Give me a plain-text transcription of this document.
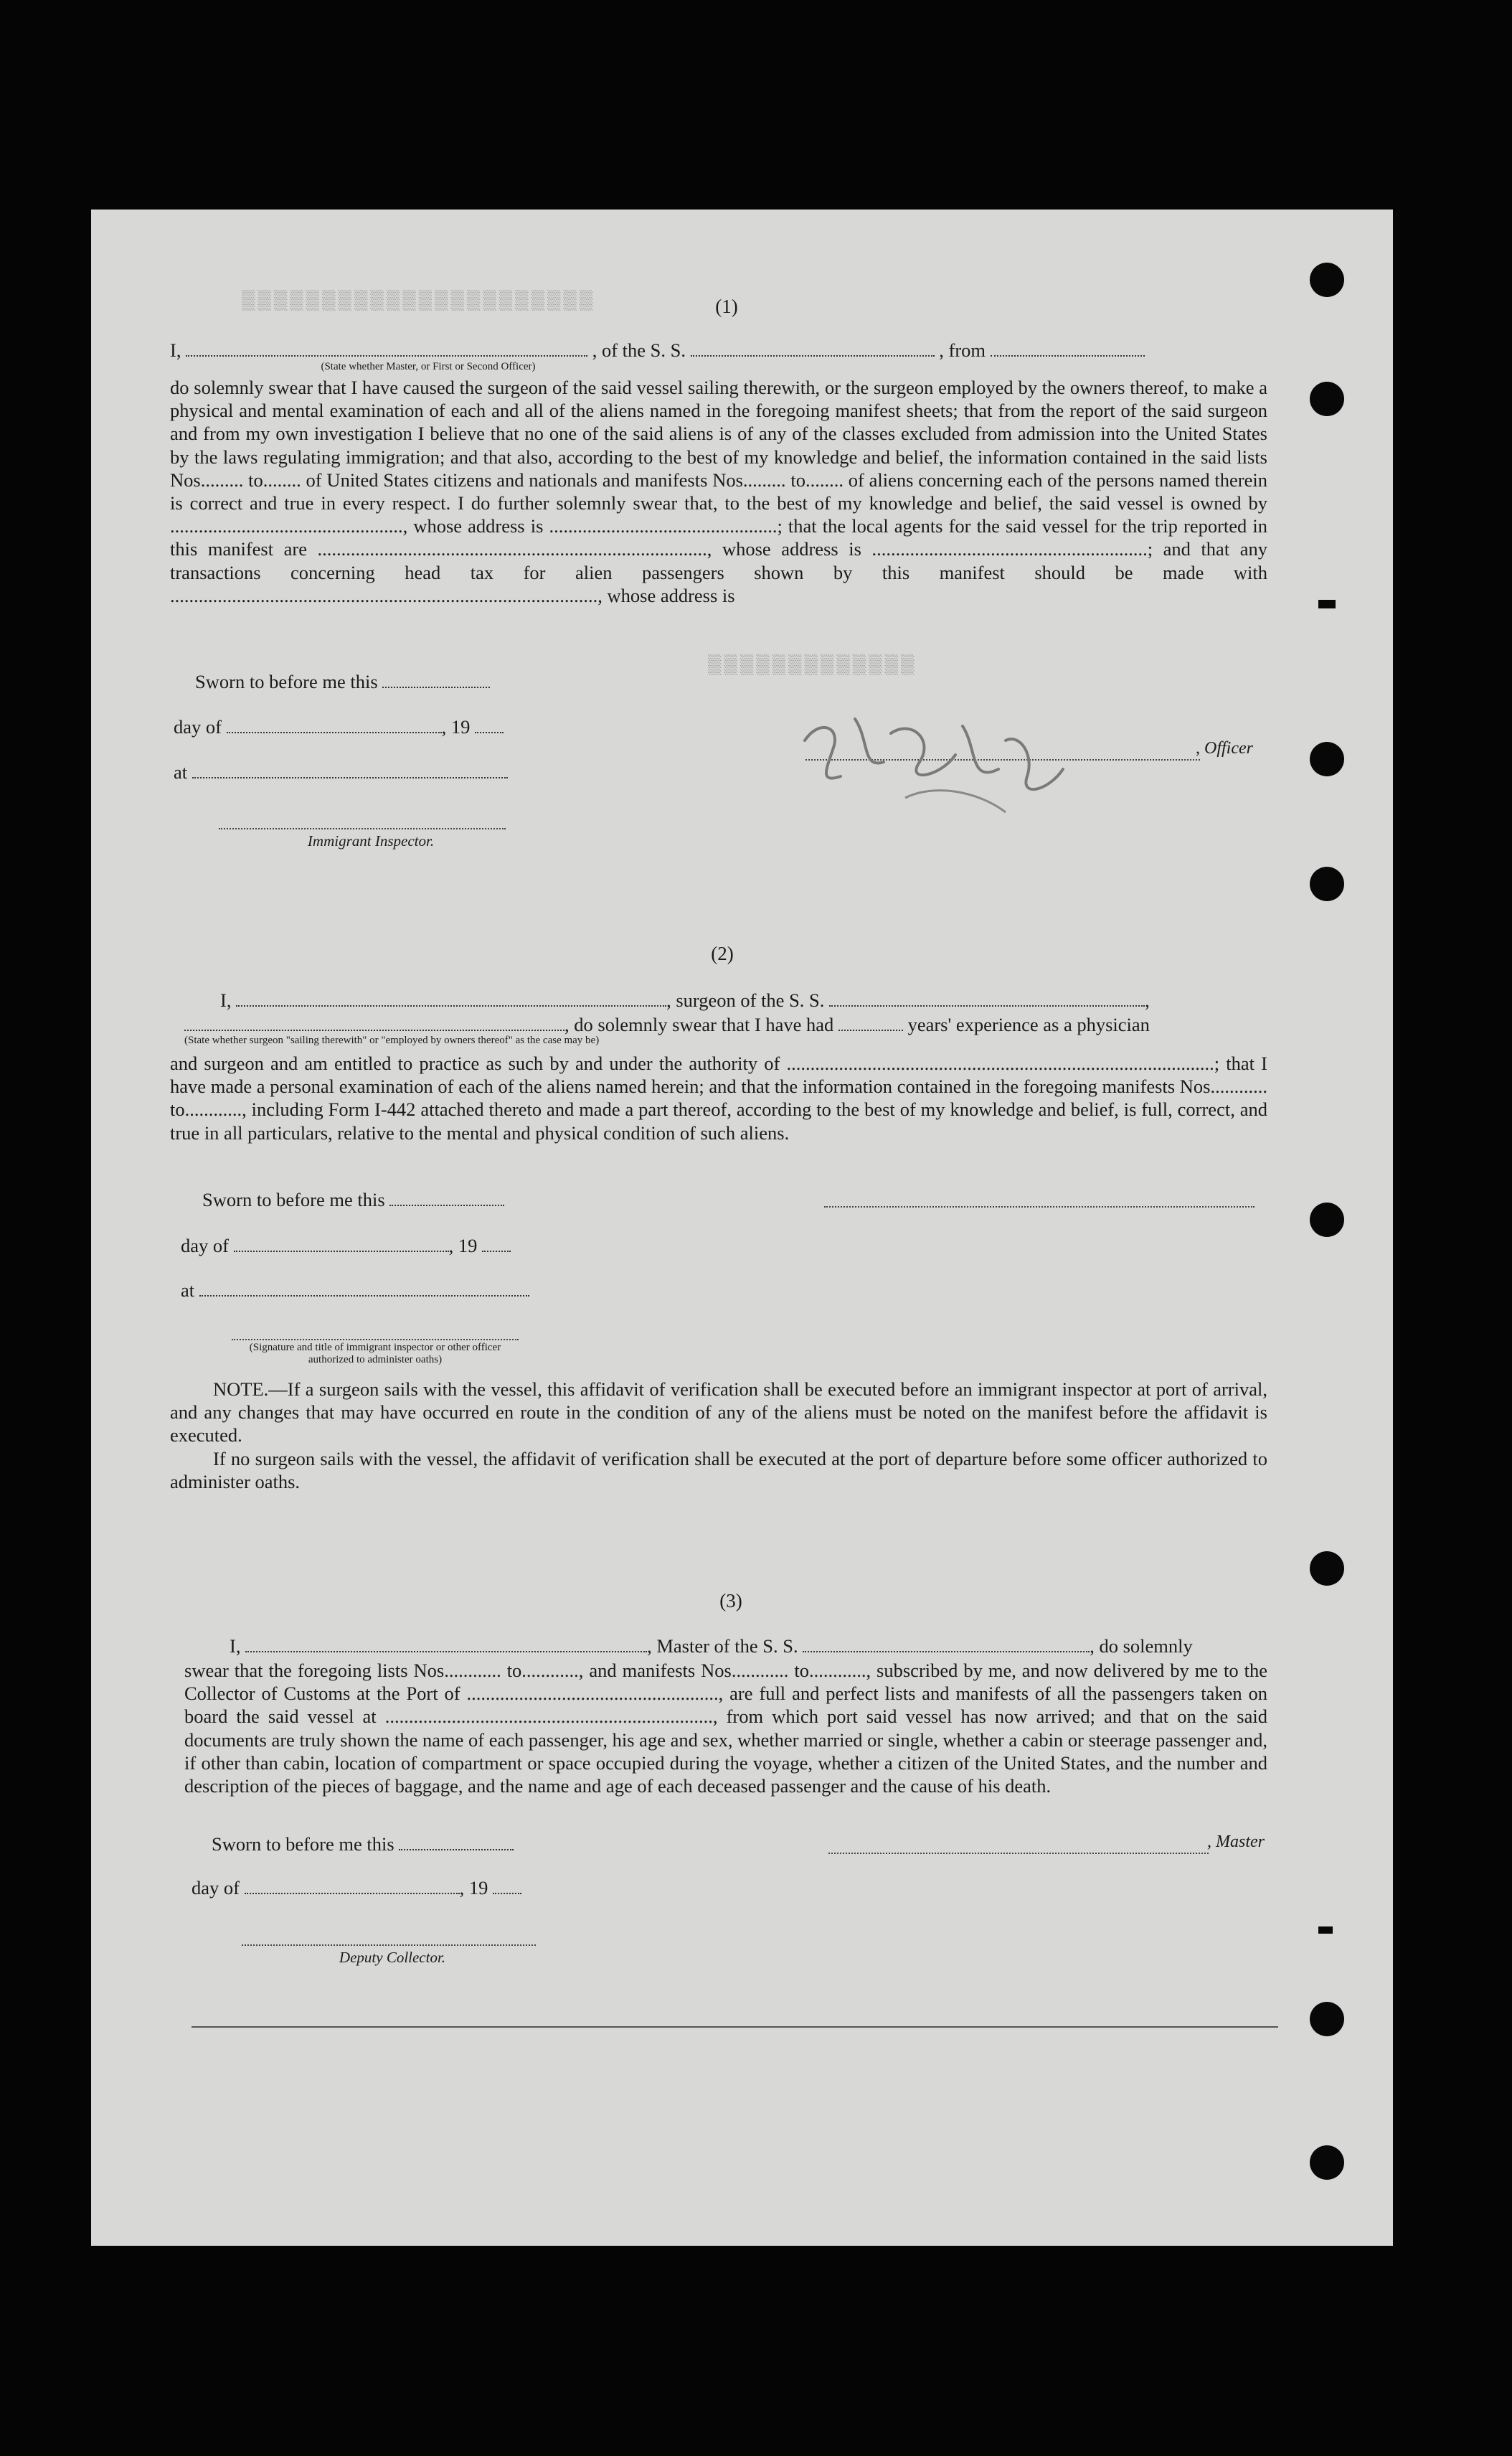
▒▒▒▒▒▒▒▒▒▒▒▒▒▒▒▒▒▒▒▒▒▒
▒▒▒▒▒▒▒▒▒▒▒▒▒
(1)
I,	, of the S. S.	, from
(State whether Master, or First or Second Officer)

do solemnly swear that I have caused the surgeon of the said vessel sailing therewith, or the surgeon employed by the owners thereof, to make a physical and mental examination of each and all of the aliens named in the foregoing manifest sheets; that from the report of the said surgeon and from my own investigation I believe that no one of the said aliens is of any of the classes excluded from admission into the United States by the laws regulating immigration; and that also, according to the best of my knowledge and belief, the information contained in the said lists Nos......... to........ of United States citizens and nationals and manifests Nos......... to........ of aliens concerning each of the persons named therein is correct and true in every respect. I do further solemnly swear that, to the best of my knowledge and belief, the said vessel is owned by ................................................., whose address is ................................................; that the local agents for the said vessel for the trip reported in this manifest are .................................................................................., whose address is ..........................................................; and that any transactions concerning head tax for alien passengers shown by this manifest should be made with .........................................................................................., whose address is

Sworn to before me this
day of	, 19
at
Immigrant Inspector.
, Officer
(2)
I,	, surgeon of the S. S.	,
, do solemnly swear that I have had	years' experience as a physician
(State whether surgeon "sailing therewith" or "employed by owners thereof" as the case may be)

and surgeon and am entitled to practice as such by and under the authority of ..........................................................................................; that I have made a personal examination of each of the aliens named herein; and that the information contained in the foregoing manifests Nos............ to............, including Form I-442 attached thereto and made a part thereof, according to the best of my knowledge and belief, is full, correct, and true in all particulars, relative to the mental and physical condition of such aliens.

Sworn to before me this
day of	, 19
at
(Signature and title of immigrant inspector or other officer authorized to administer oaths)

NOTE.—If a surgeon sails with the vessel, this affidavit of verification shall be executed before an immigrant inspector at port of arrival, and any changes that may have occurred en route in the condition of any of the aliens must be noted on the manifest before the affidavit is executed.

If no surgeon sails with the vessel, the affidavit of verification shall be executed at the port of departure before some officer authorized to administer oaths.

(3)
I,	, Master of the S. S.	, do solemnly

swear that the foregoing lists Nos............ to............, and manifests Nos............ to............, subscribed by me, and now delivered by me to the Collector of Customs at the Port of ....................................................., are full and perfect lists and manifests of all the passengers taken on board the said vessel at ....................................................................., from which port said vessel has now arrived; and that on the said documents are truly shown the name of each passenger, his age and sex, whether married or single, whether a cabin or steerage passenger and, if other than cabin, location of compartment or space occupied during the voyage, whether a citizen of the United States, and the number and description of the pieces of baggage, and the name and age of each deceased passenger and the cause of his death.

Sworn to before me this	, Master
day of	, 19
Deputy Collector.
